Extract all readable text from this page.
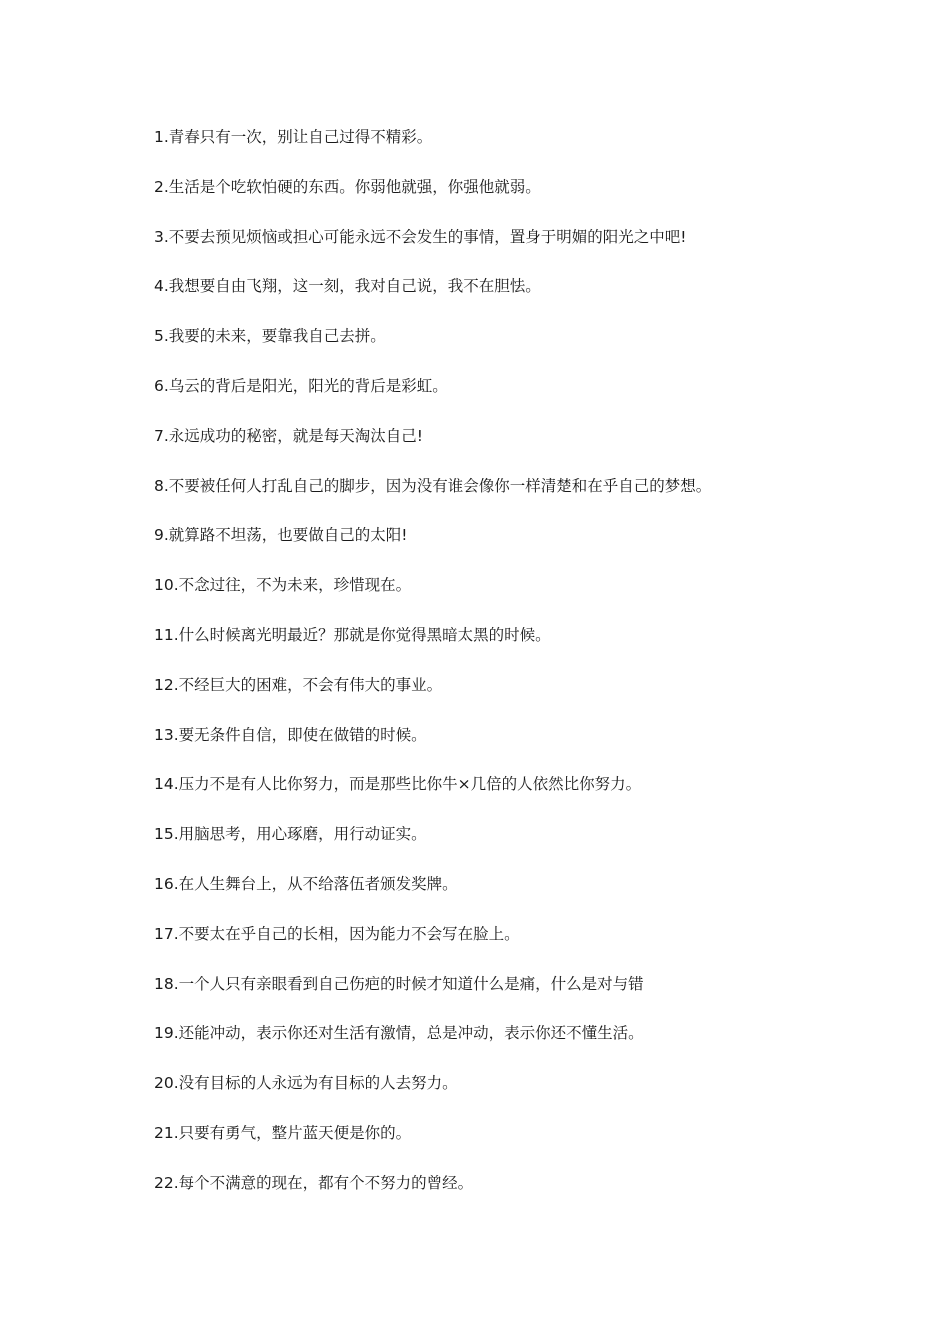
1.青春只有一次，别让自己过得不精彩。
2.生活是个吃软怕硬的东西。你弱他就强，你强他就弱。
3.不要去预见烦恼或担心可能永远不会发生的事情，置身于明媚的阳光之中吧!
4.我想要自由飞翔，这一刻，我对自己说，我不在胆怯。
5.我要的未来，要靠我自己去拼。
6.乌云的背后是阳光，阳光的背后是彩虹。
7.永远成功的秘密，就是每天淘汰自己!
8.不要被任何人打乱自己的脚步，因为没有谁会像你一样清楚和在乎自己的梦想。
9.就算路不坦荡，也要做自己的太阳!
10.不念过往，不为未来，珍惜现在。
11.什么时候离光明最近？那就是你觉得黑暗太黑的时候。
12.不经巨大的困难，不会有伟大的事业。
13.要无条件自信，即使在做错的时候。
14.压力不是有人比你努力，而是那些比你牛×几倍的人依然比你努力。
15.用脑思考，用心琢磨，用行动证实。
16.在人生舞台上，从不给落伍者颁发奖牌。
17.不要太在乎自己的长相，因为能力不会写在脸上。
18.一个人只有亲眼看到自己伤疤的时候才知道什么是痛，什么是对与错
19.还能冲动，表示你还对生活有激情，总是冲动，表示你还不懂生活。
20.没有目标的人永远为有目标的人去努力。
21.只要有勇气，整片蓝天便是你的。
22.每个不满意的现在，都有个不努力的曾经。
